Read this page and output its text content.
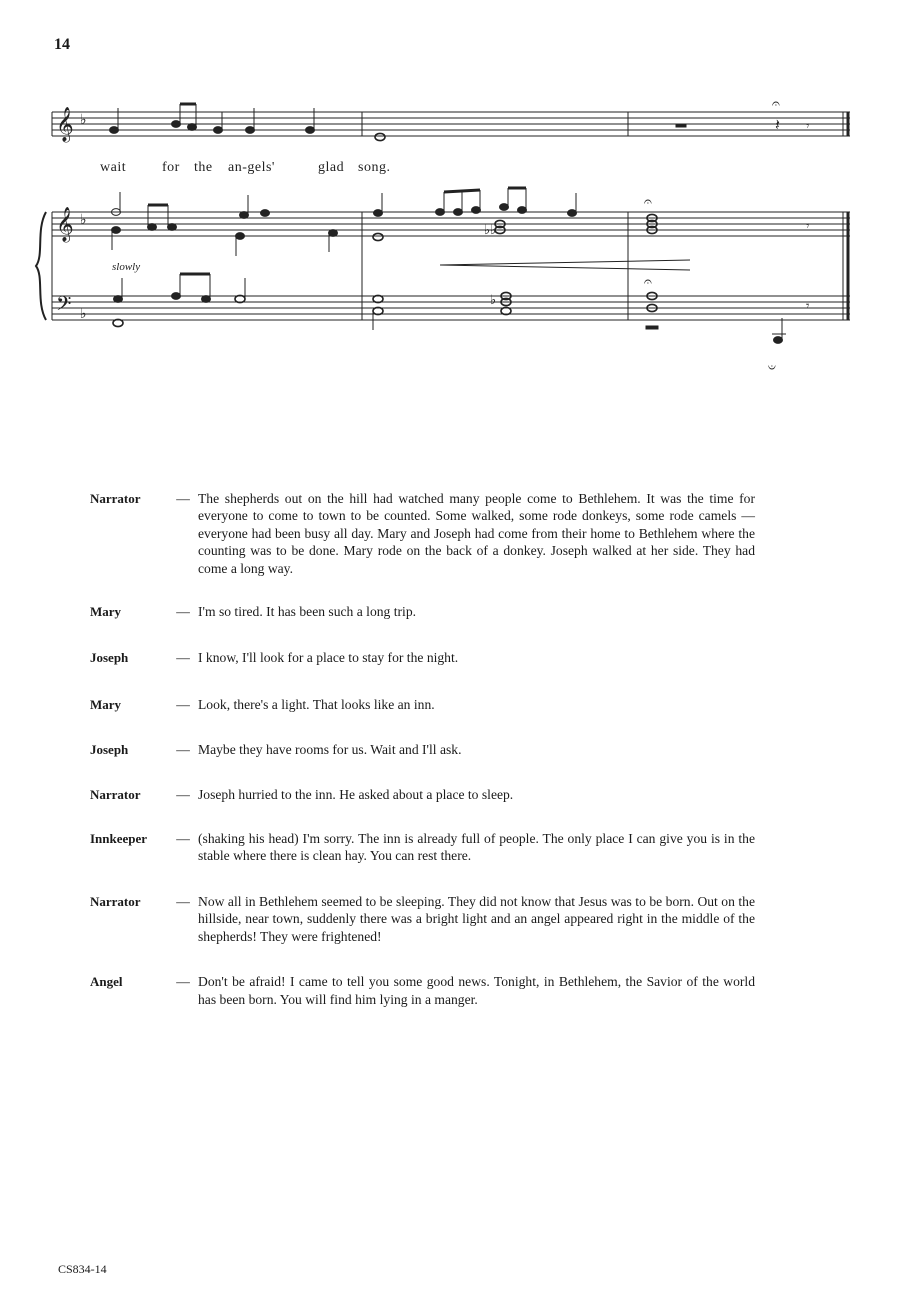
14
𝄞
𝄞
𝄢
♭
♭
♭
𝄽
𝄐
𝄾
wait	for the an-gels'	glad song.
♭♭
𝄐
𝄾
slowly
♭
𝄐
𝄑
𝄾
Narrator	— The shepherds out on the hill had watched many people come to Bethlehem. It was the time for everyone to come to town to be counted. Some walked, some rode donkeys, some rode camels — everyone had been busy all day. Mary and Joseph had come from their home to Bethlehem where the counting was to be done. Mary rode on the back of a donkey. Joseph walked at her side. They had come a long way.
Mary	— I'm so tired. It has been such a long trip.
Joseph	— I know, I'll look for a place to stay for the night.
Mary	— Look, there's a light. That looks like an inn.
Joseph	— Maybe they have rooms for us. Wait and I'll ask.
Narrator	— Joseph hurried to the inn. He asked about a place to sleep.
Innkeeper	— (shaking his head) I'm sorry. The inn is already full of people. The only place I can give you is in the stable where there is clean hay. You can rest there.
Narrator	— Now all in Bethlehem seemed to be sleeping. They did not know that Jesus was to be born. Out on the hillside, near town, suddenly there was a bright light and an angel appeared right in the middle of the shepherds! They were frightened!
Angel	— Don't be afraid! I came to tell you some good news. Tonight, in Bethlehem, the Savior of the world has been born. You will find him lying in a manger.
CS834-14
